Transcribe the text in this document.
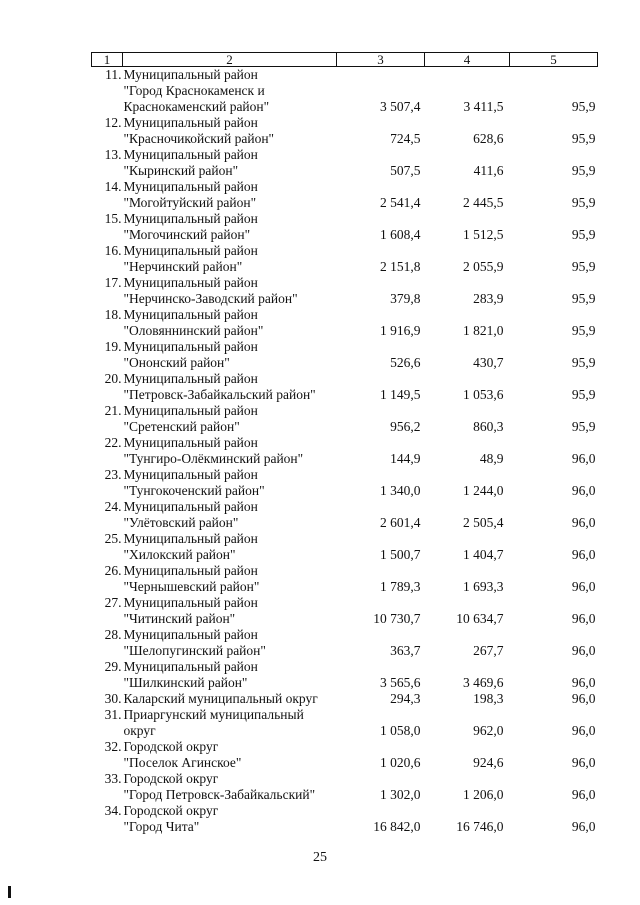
1 2	3	4	5

11. Муниципальный район
"Город Краснокаменск и
Краснокаменский район"	3 507,4	3 411,5	95,9

12. Муниципальный район
"Красночикойский район"	724,5	628,6	95,9

13. Муниципальный район
"Кыринский район"	507,5	411,6	95,9

14. Муниципальный район
"Могойтуйский район"	2 541,4	2 445,5	95,9

15. Муниципальный район
"Могочинский район"	1 608,4	1 512,5	95,9

16. Муниципальный район
"Нерчинский район"	2 151,8	2 055,9	95,9

17. Муниципальный район
"Нерчинско-Заводский район"	379,8	283,9	95,9

18. Муниципальный район
"Оловяннинский район"	1 916,9	1 821,0	95,9

19. Муниципальный район
"Ононский район"	526,6	430,7	95,9

20. Муниципальный район
"Петровск-Забайкальский район"	1 149,5	1 053,6	95,9

21. Муниципальный район
"Сретенский район"	956,2	860,3	95,9

22. Муниципальный район
"Тунгиро-Олёкминский район"	144,9	48,9	96,0

23. Муниципальный район
"Тунгокоченский район"	1 340,0	1 244,0	96,0

24. Муниципальный район
"Улётовский район"	2 601,4	2 505,4	96,0

25. Муниципальный район
"Хилокский район"	1 500,7	1 404,7	96,0

26. Муниципальный район
"Чернышевский район"	1 789,3	1 693,3	96,0

27. Муниципальный район
"Читинский район"	10 730,7	10 634,7	96,0

28. Муниципальный район
"Шелопугинский район"	363,7	267,7	96,0

29. Муниципальный район
"Шилкинский район"	3 565,6	3 469,6	96,0

30. Каларский муниципальный округ	294,3	198,3	96,0

31. Приаргунский муниципальный
округ	1 058,0	962,0	96,0

32. Городской округ
"Поселок Агинское"	1 020,6	924,6	96,0

33. Городской округ
"Город Петровск-Забайкальский"	1 302,0	1 206,0	96,0

34. Городской округ
"Город Чита"	16 842,0	16 746,0	96,0
25
